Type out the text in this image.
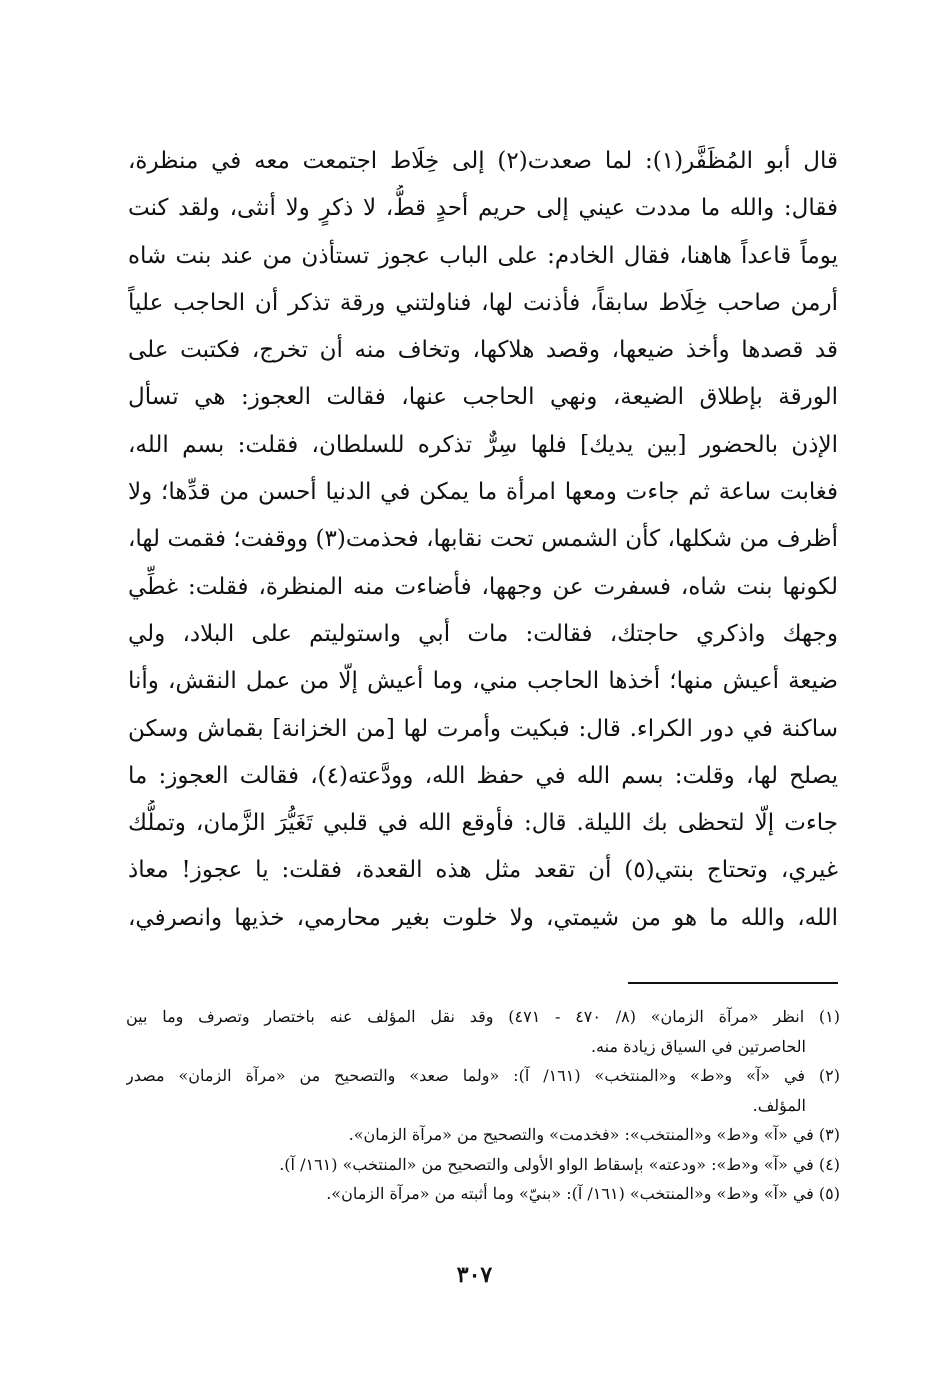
قال أبو المُظَفَّر(١): لما صعدت(٢) إلى خِلَاط اجتمعت معه في منظرة،
فقال: والله ما مددت عيني إلى حريم أحدٍ قطُّ، لا ذكرٍ ولا أنثى، ولقد كنت
يوماً قاعداً هاهنا، فقال الخادم: على الباب عجوز تستأذن من عند بنت شاه
أرمن صاحب خِلَاط سابقاً، فأذنت لها، فناولتني ورقة تذكر أن الحاجب علياً
قد قصدها وأخذ ضيعها، وقصد هلاكها، وتخاف منه أن تخرج، فكتبت على
الورقة بإطلاق الضيعة، ونهي الحاجب عنها، فقالت العجوز: هي تسأل
الإذن بالحضور [بين يديك] فلها سِرٌّ تذكره للسلطان، فقلت: بسم الله،
فغابت ساعة ثم جاءت ومعها امرأة ما يمكن في الدنيا أحسن من قدِّها؛ ولا
أظرف من شكلها، كأن الشمس تحت نقابها، فحذمت(٣) ووقفت؛ فقمت لها،
لكونها بنت شاه، فسفرت عن وجهها، فأضاءت منه المنظرة، فقلت: غطِّي
وجهك واذكري حاجتك، فقالت: مات أبي واستوليتم على البلاد، ولي
ضيعة أعيش منها؛ أخذها الحاجب مني، وما أعيش إلّا من عمل النقش، وأنا
ساكنة في دور الكراء. قال: فبكيت وأمرت لها [من الخزانة] بقماش وسكن
يصلح لها، وقلت: بسم الله في حفظ الله، وودَّعته(٤)، فقالت العجوز: ما
جاءت إلّا لتحظى بك الليلة. قال: فأوقع الله في قلبي تَغَيُّرَ الزَّمان، وتملُّك
غيري، وتحتاج بنتي(٥) أن تقعد مثل هذه القعدة، فقلت: يا عجوز! معاذ
الله، والله ما هو من شيمتي، ولا خلوت بغير محارمي، خذيها وانصرفي،
(١) انظر «مرآة الزمان» (٨/ ٤٧٠ - ٤٧١) وقد نقل المؤلف عنه باختصار وتصرف وما بين
الحاصرتين في السياق زيادة منه.
(٢) في «آ» و«ط» و«المنتخب» (١٦١/ آ): «ولما صعد» والتصحيح من «مرآة الزمان» مصدر
المؤلف.
(٣) في «آ» و«ط» و«المنتخب»: «فخدمت» والتصحيح من «مرآة الزمان».
(٤) في «آ» و«ط»: «ودعته» بإسقاط الواو الأولى والتصحيح من «المنتخب» (١٦١/ آ).
(٥) في «آ» و«ط» و«المنتخب» (١٦١/ آ): «بنيّ» وما أثبته من «مرآة الزمان».
٣٠٧
